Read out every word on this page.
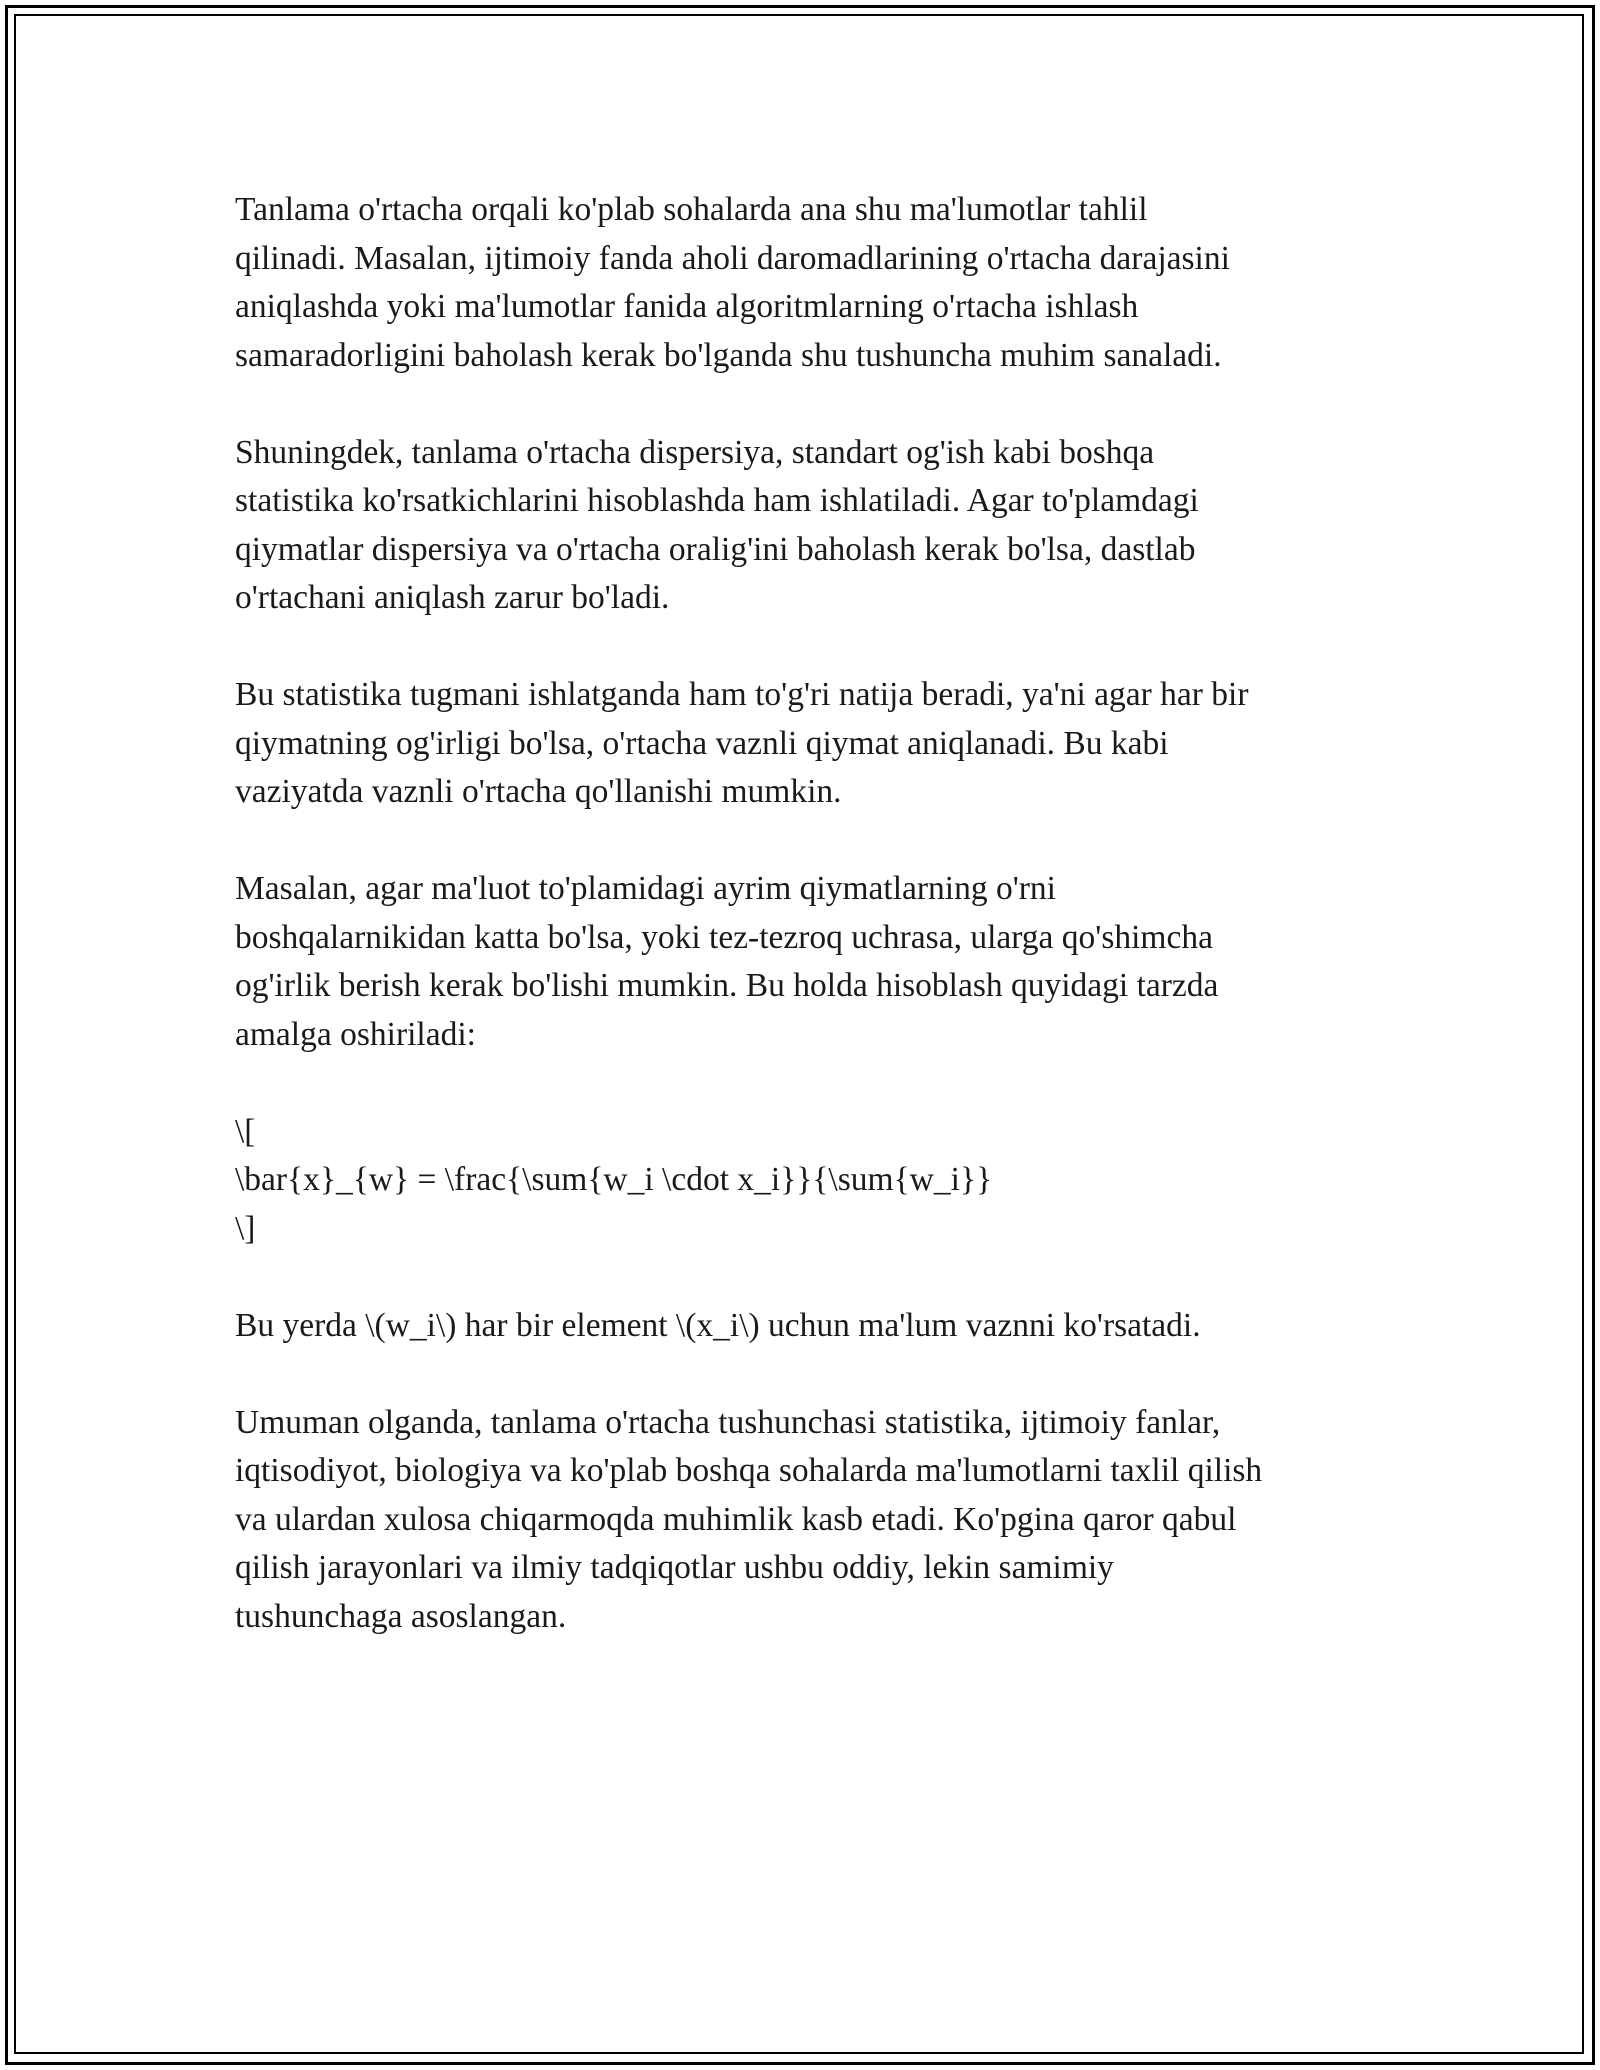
Tanlama o'rtacha orqali ko'plab sohalarda ana shu ma'lumotlar tahlil
qilinadi. Masalan, ijtimoiy fanda aholi daromadlarining o'rtacha darajasini
aniqlashda yoki ma'lumotlar fanida algoritmlarning o'rtacha ishlash
samaradorligini baholash kerak bo'lganda shu tushuncha muhim sanaladi.

Shuningdek, tanlama o'rtacha dispersiya, standart og'ish kabi boshqa
statistika ko'rsatkichlarini hisoblashda ham ishlatiladi. Agar to'plamdagi
qiymatlar dispersiya va o'rtacha oralig'ini baholash kerak bo'lsa, dastlab
o'rtachani aniqlash zarur bo'ladi.

Bu statistika tugmani ishlatganda ham to'g'ri natija beradi, ya'ni agar har bir
qiymatning og'irligi bo'lsa, o'rtacha vaznli qiymat aniqlanadi. Bu kabi
vaziyatda vaznli o'rtacha qo'llanishi mumkin.

Masalan, agar ma'luot to'plamidagi ayrim qiymatlarning o'rni
boshqalarnikidan katta bo'lsa, yoki tez-tezroq uchrasa, ularga qo'shimcha
og'irlik berish kerak bo'lishi mumkin. Bu holda hisoblash quyidagi tarzda
amalga oshiriladi:

\[

\bar{x}_{w} = \frac{\sum{w_i \cdot x_i}}{\sum{w_i}}

\]

Bu yerda \(w_i\) har bir element \(x_i\) uchun ma'lum vaznni ko'rsatadi.

Umuman olganda, tanlama o'rtacha tushunchasi statistika, ijtimoiy fanlar,
iqtisodiyot, biologiya va ko'plab boshqa sohalarda ma'lumotlarni taxlil qilish
va ulardan xulosa chiqarmoqda muhimlik kasb etadi. Ko'pgina qaror qabul
qilish jarayonlari va ilmiy tadqiqotlar ushbu oddiy, lekin samimiy
tushunchaga asoslangan.
